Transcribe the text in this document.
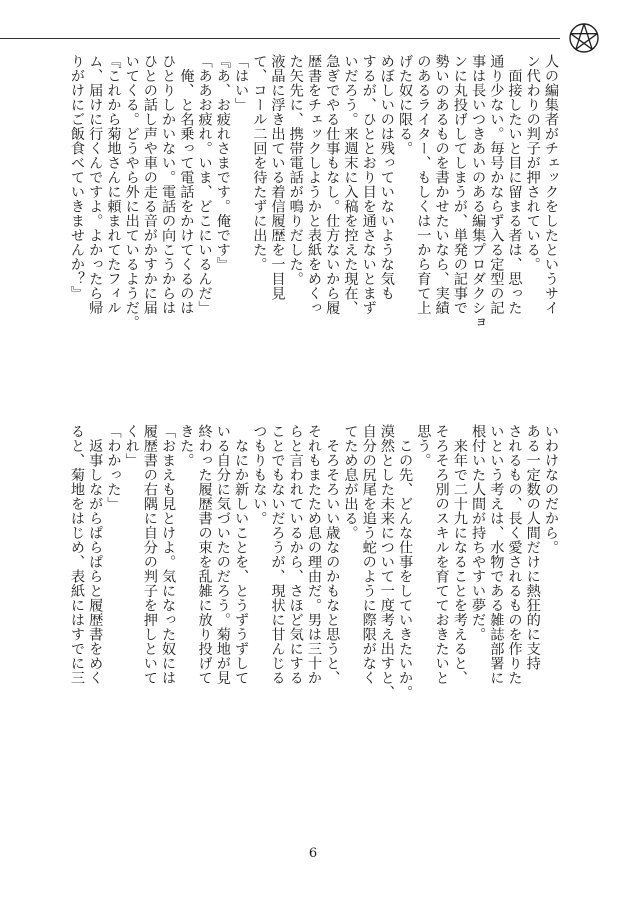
人の編集者がチェックをしたというサイ
ン代わりの判子が押されている。
　面接したいと目に留まる者は、思った
通り少ない。毎号かならず入る定型の記
事は長いつきあいのある編集プロダクショ
ンに丸投げしてしまうが、単発の記事で
勢いのあるものを書かせたいなら、実績
のあるライター、もしくは一から育て上
げた奴に限る。
めぼしいのは残っていないような気も
するが、ひととおり目を通さないとまず
いだろう。来週末に入稿を控えた現在、
急ぎでやる仕事もなし。仕方ないから履
歴書をチェックしようかと表紙をめくっ
た矢先に、携帯電話が鳴りだした。
液晶に浮き出ている着信履歴を一目見
て、コール二回を待たずに出た。
「はい」
『あ、お疲れさまです。俺です』
「ああお疲れ。いま、どこにいるんだ」
　俺、と名乗って電話をかけてくるのは
ひとりしかいない。電話の向こうからは
ひとの話し声や車の走る音がかすかに届
いてくる。どうやら外に出ているようだ。
『これから菊地さんに頼まれてたフィル
ム、届けに行くんですよ。よかったら帰
りがけにご飯食べていきませんか？』
いわけなのだから。
ある一定数の人間だけに熱狂的に支持
されるもの、長く愛されるものを作りた
いという考えは、水物である雑誌部署に
根付いた人間が持ちやすい夢だ。
　来年で二十九になることを考えると、
そろそろ別のスキルを育てておきたいと
思う。
　この先、どんな仕事をしていきたいか。
漠然とした未来について一度考え出すと、
自分の尻尾を追う蛇のように際限がなく
てため息が出る。
　そろそろいい歳なのかもなと思うと、
それもまたため息の理由だ。男は三十か
らと言われているから、さほど気にする
ことでもないだろうが、現状に甘んじる
つもりもない。
　なにか新しいことを、とうずうずして
いる自分に気づいたのだろう。菊地が見
終わった履歴書の束を乱雑に放り投げて
きた。
「おまえも見とけよ。気になった奴には
履歴書の右隅に自分の判子を押しといて
くれ」
「わかった」
　返事しながらぱらぱらと履歴書をめく
ると、菊地をはじめ、表紙にはすでに三
6
